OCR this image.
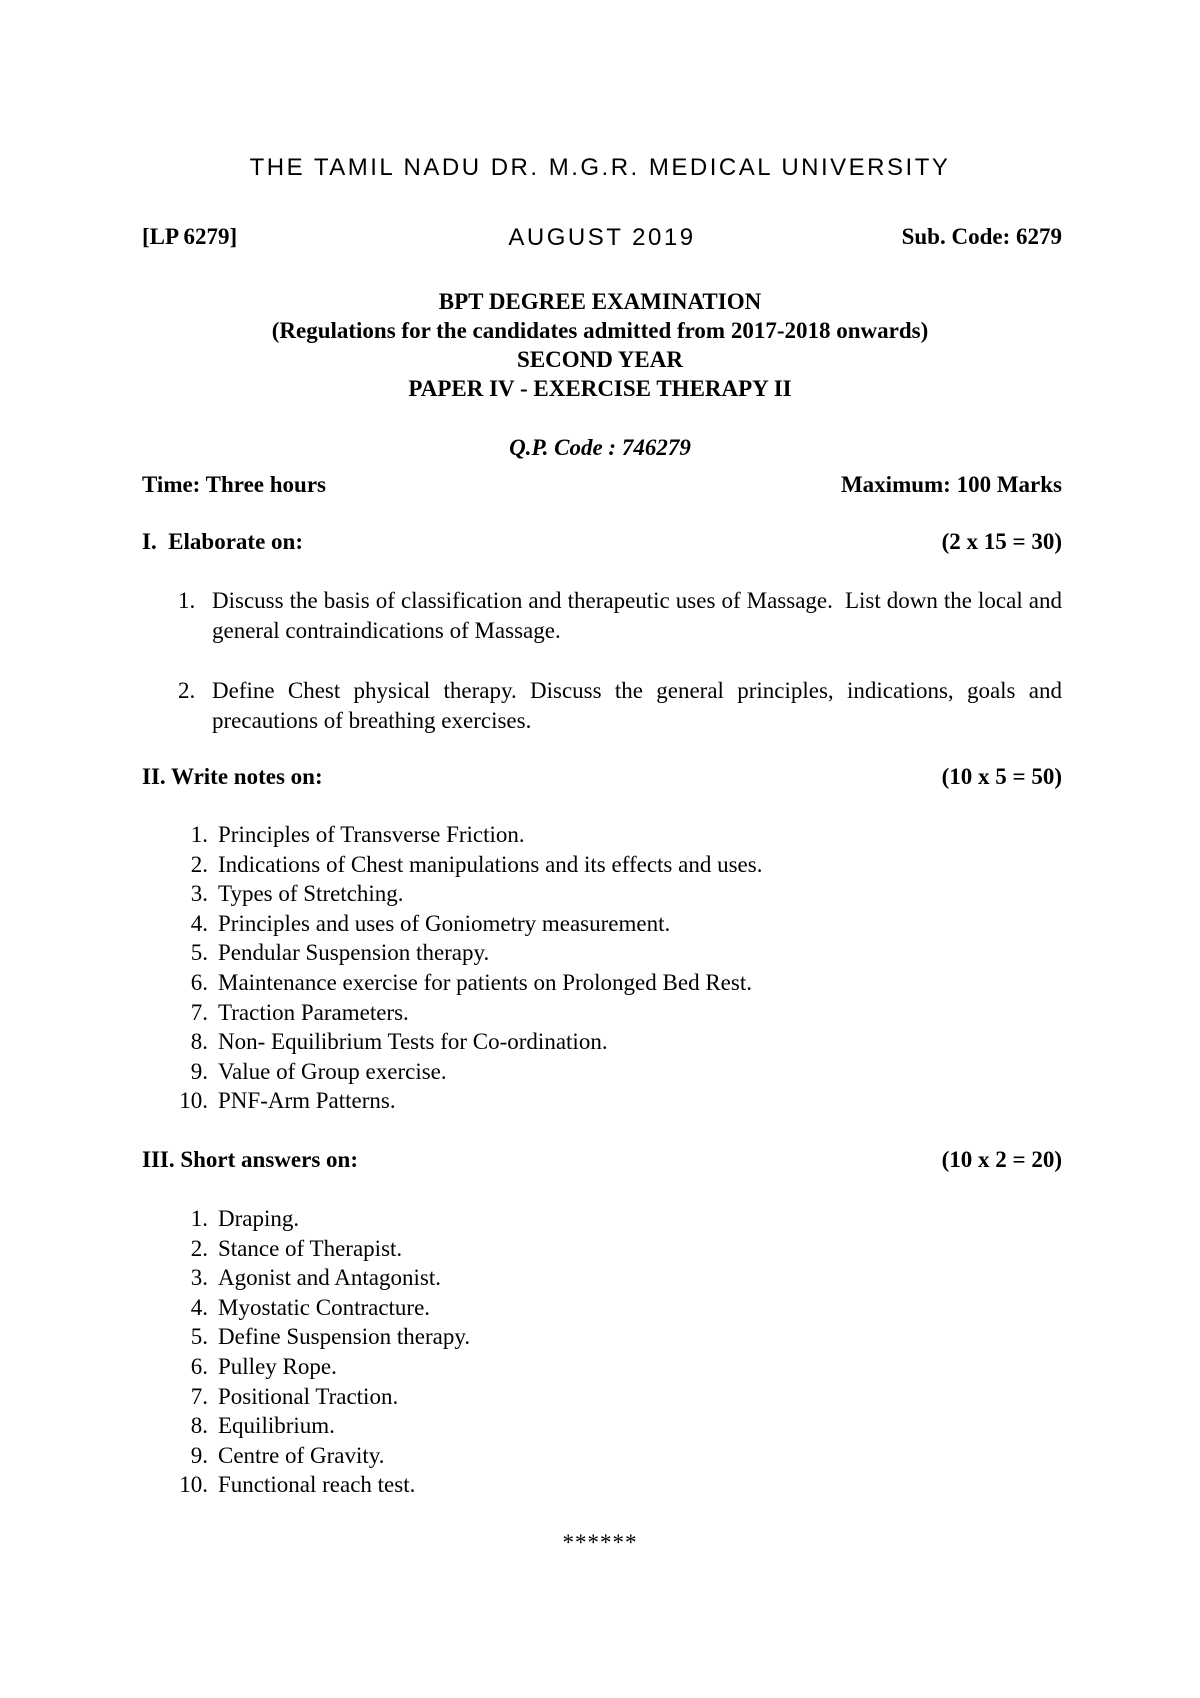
THE TAMIL NADU DR. M.G.R. MEDICAL UNIVERSITY
[LP 6279]	AUGUST 2019	Sub. Code: 6279
BPT DEGREE EXAMINATION
(Regulations for the candidates admitted from 2017-2018 onwards)
SECOND YEAR
PAPER IV - EXERCISE THERAPY II
Q.P. Code : 746279
Time: Three hours	Maximum: 100 Marks
I.  Elaborate on:	(2 x 15 = 30)
1. Discuss the basis of classification and therapeutic uses of Massage.  List down the local and general contraindications of Massage.
2. Define Chest physical therapy. Discuss the general principles, indications, goals and precautions of breathing exercises.
II. Write notes on:	(10 x 5 = 50)
1. Principles of Transverse Friction.
2. Indications of Chest manipulations and its effects and uses.
3. Types of Stretching.
4. Principles and uses of Goniometry measurement.
5. Pendular Suspension therapy.
6. Maintenance exercise for patients on Prolonged Bed Rest.
7. Traction Parameters.
8. Non- Equilibrium Tests for Co-ordination.
9. Value of Group exercise.
10. PNF-Arm Patterns.
III. Short answers on:	(10 x 2 = 20)
1. Draping.
2. Stance of Therapist.
3. Agonist and Antagonist.
4. Myostatic Contracture.
5. Define Suspension therapy.
6. Pulley Rope.
7. Positional Traction.
8. Equilibrium.
9. Centre of Gravity.
10. Functional reach test.
******
